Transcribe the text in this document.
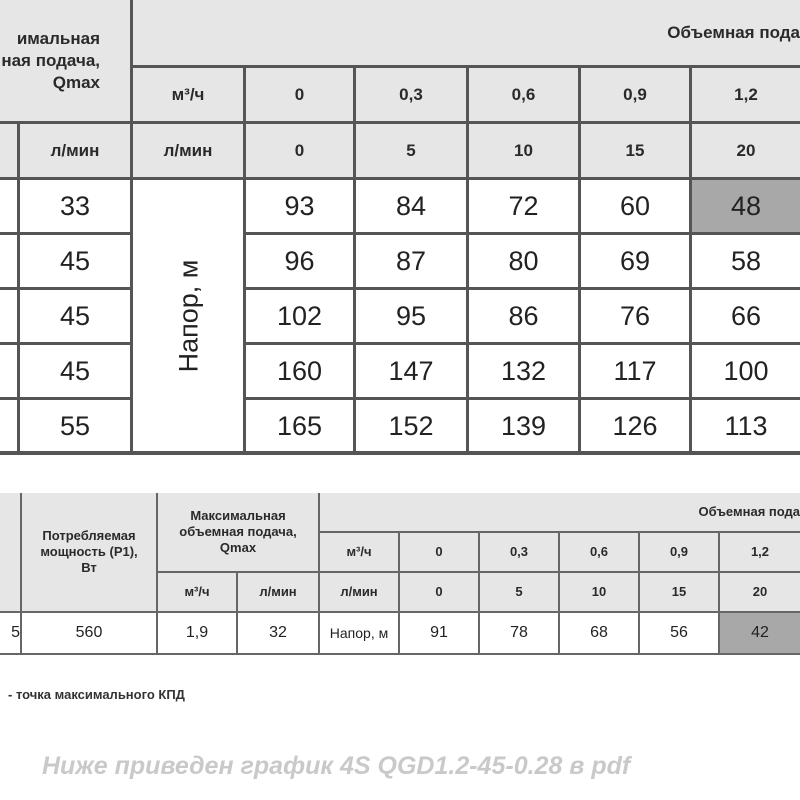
имальная
ная подача,
Qmax
Объемная пода
м³/ч	0	0,3	0,6	0,9	1,2
л/мин	л/мин	0	5	10	15	20
Напор, м
33	93	84	72	60	48
45	96	87	80	69	58
45	102	95	86	76	66
45	160	147	132	117	100
55	165	152	139	126	113
Потребляемая
мощность (P1),
Вт
Максимальная
объемная подача,
Qmax
Объемная пода
м³/ч	0	0,3	0,6	0,9	1,2
м³/ч	л/мин	л/мин	0	5	10	15	20
5	560	1,9	32	Напор, м	91	78	68	56	42
- точка максимального КПД
Ниже приведен график 4S QGD1.2-45-0.28 в pdf
